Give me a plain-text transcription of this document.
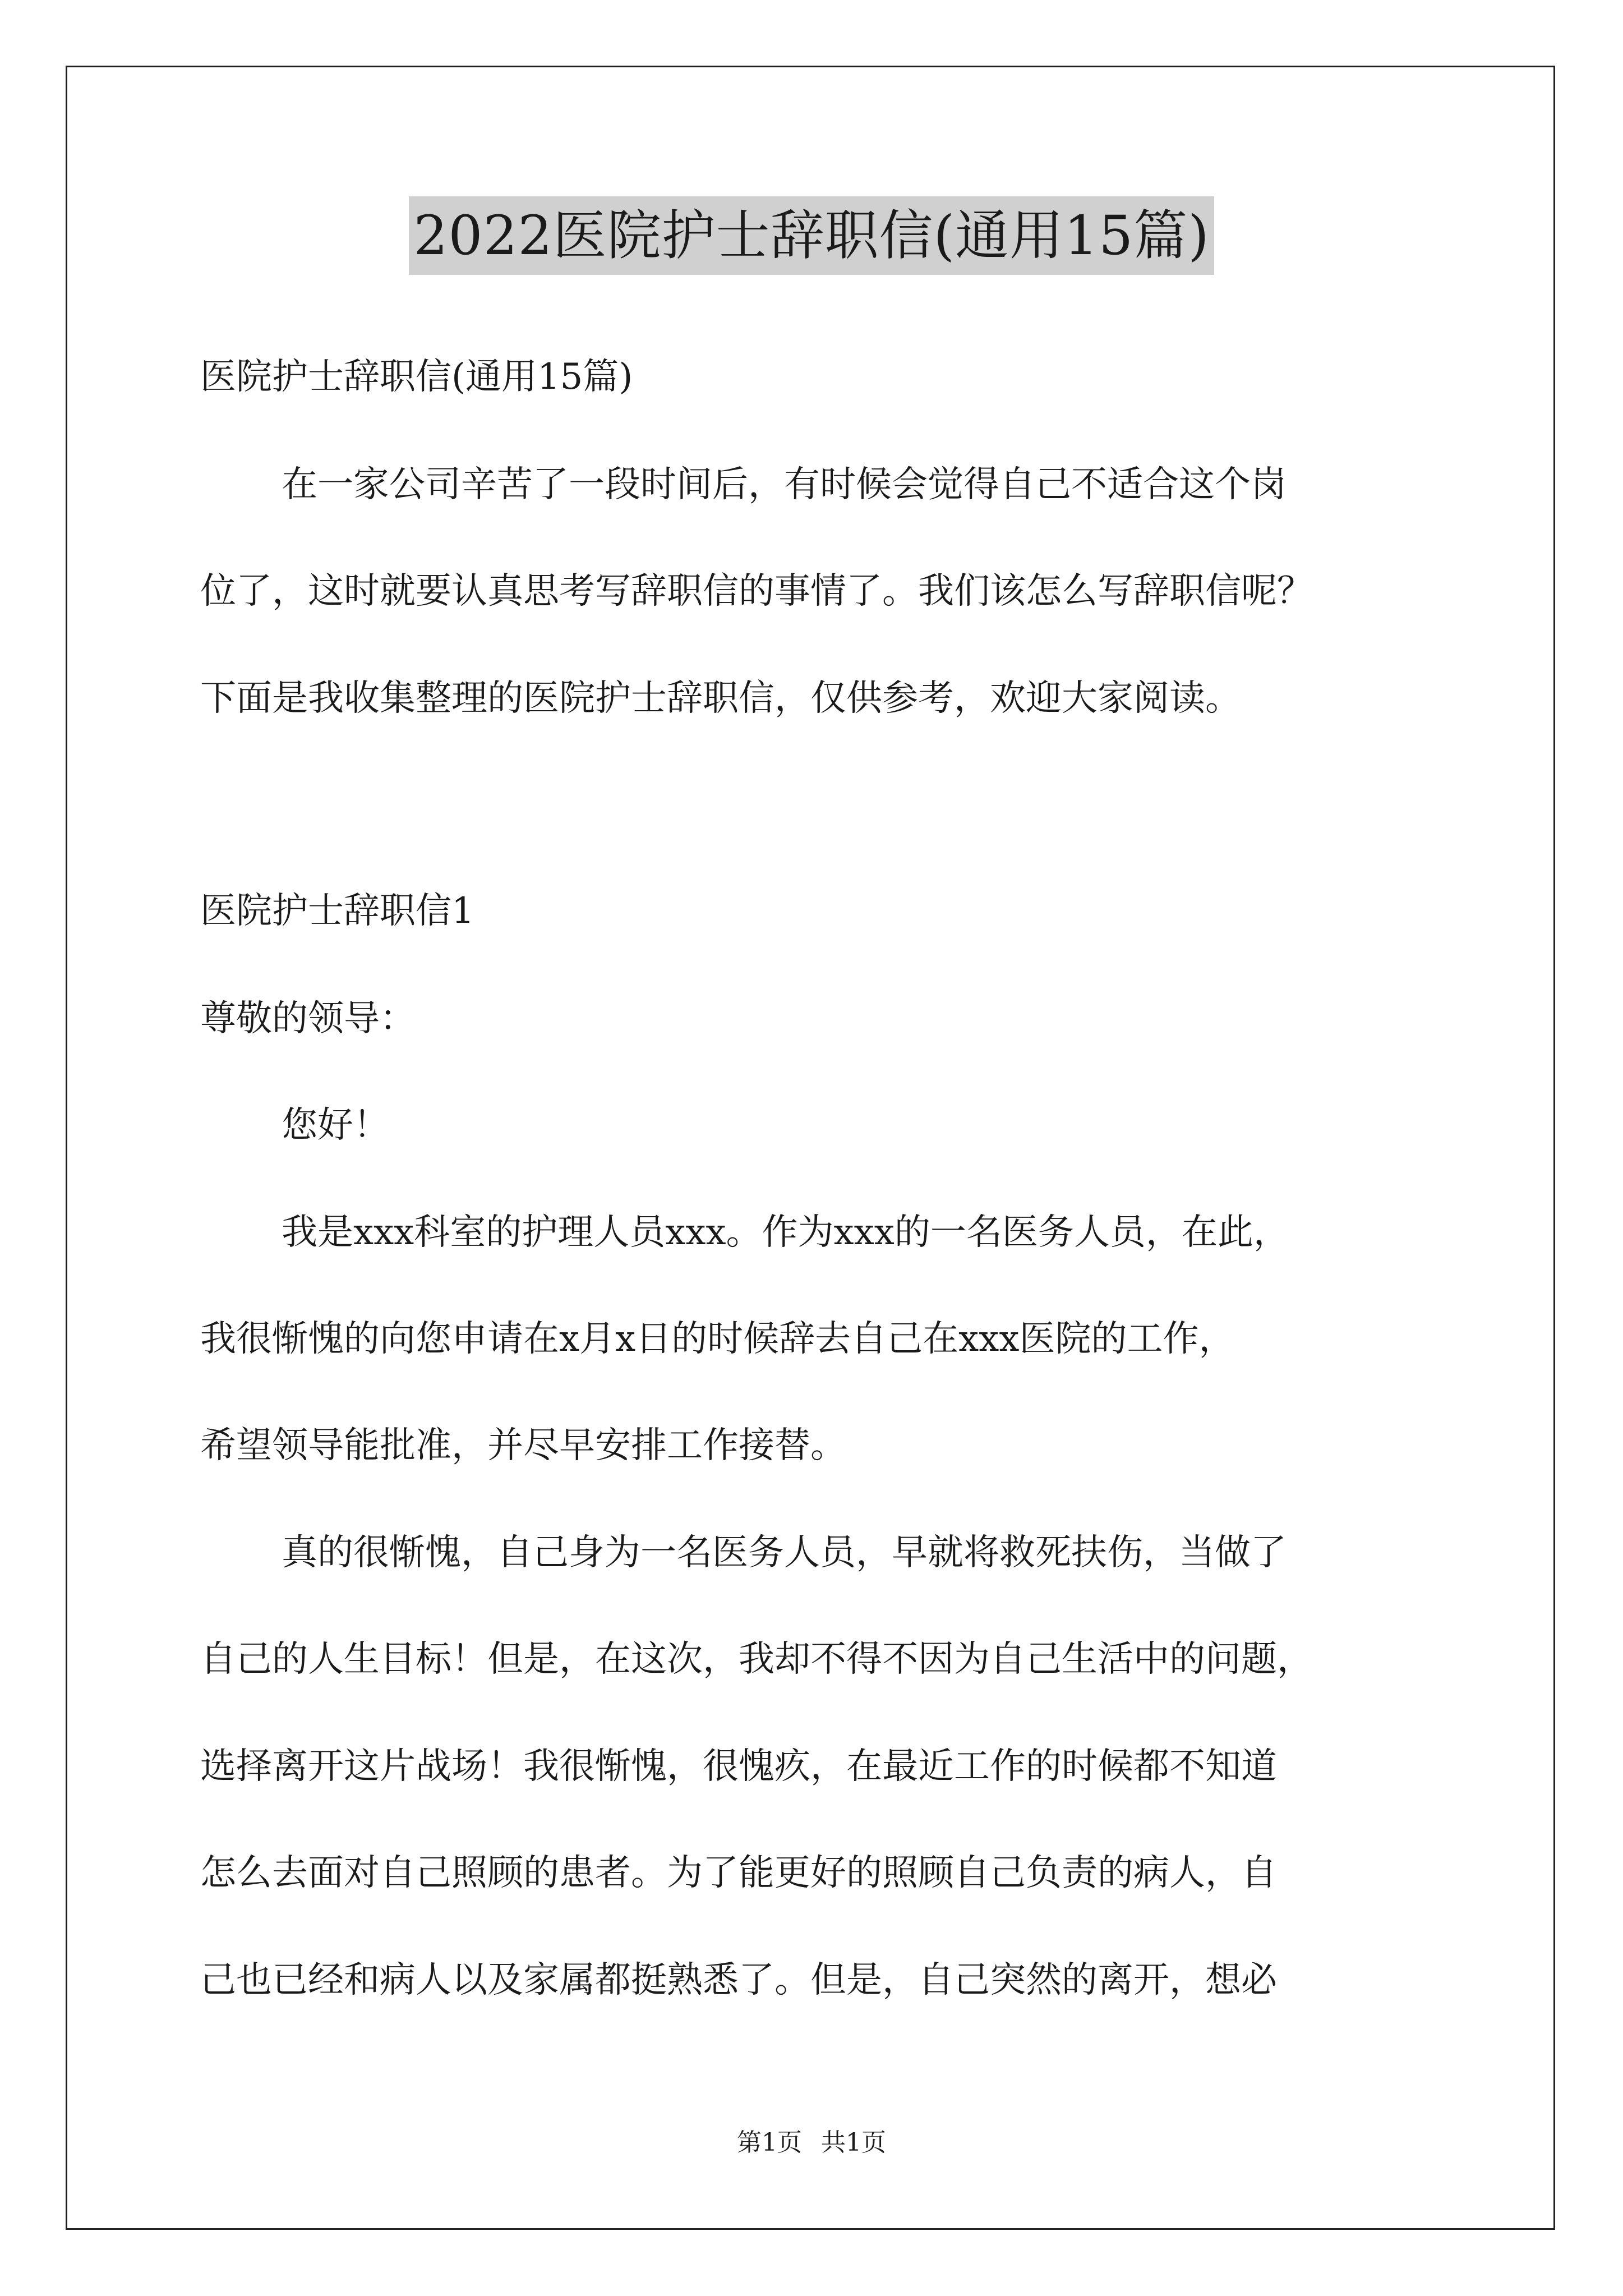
2022医院护士辞职信(通用15篇)
医院护士辞职信(通用15篇)
在一家公司辛苦了一段时间后，有时候会觉得自己不适合这个岗
位了，这时就要认真思考写辞职信的事情了。我们该怎么写辞职信呢？
下面是我收集整理的医院护士辞职信，仅供参考，欢迎大家阅读。
医院护士辞职信1
尊敬的领导：
您好！
我是xxx科室的护理人员xxx。作为xxx的一名医务人员，在此，
我很惭愧的向您申请在x月x日的时候辞去自己在xxx医院的工作，
希望领导能批准，并尽早安排工作接替。
真的很惭愧，自己身为一名医务人员，早就将救死扶伤，当做了
自己的人生目标！但是，在这次，我却不得不因为自己生活中的问题，
选择离开这片战场！我很惭愧，很愧疚，在最近工作的时候都不知道
怎么去面对自己照顾的患者。为了能更好的照顾自己负责的病人，自
己也已经和病人以及家属都挺熟悉了。但是，自己突然的离开，想必
第1页 共1页
